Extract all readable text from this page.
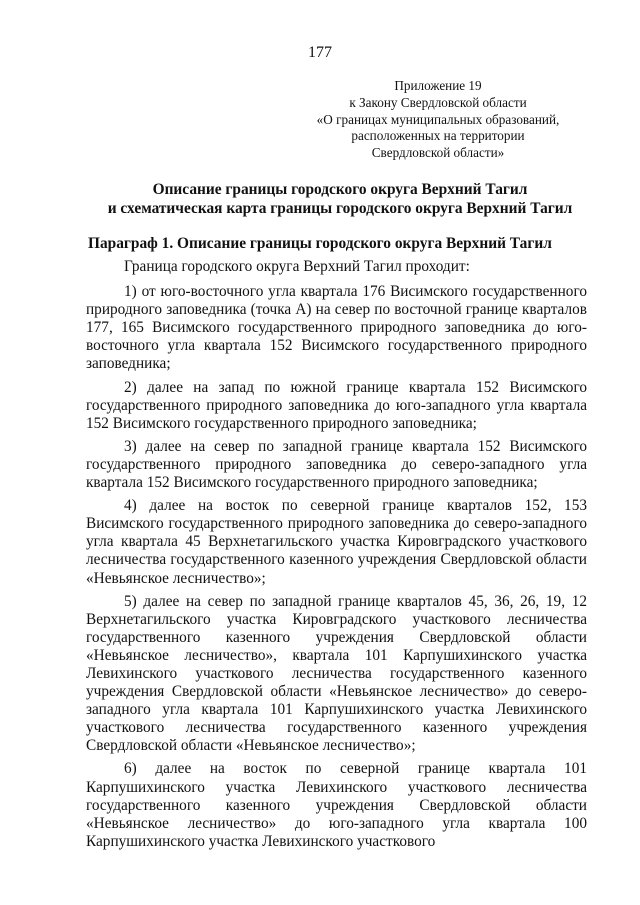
177
Приложение 19
к Закону Свердловской области
«О границах муниципальных образований,
расположенных на территории
Свердловской области»
Описание границы городского округа Верхний Тагил
и схематическая карта границы городского округа Верхний Тагил
Параграф 1. Описание границы городского округа Верхний Тагил

Граница городского округа Верхний Тагил проходит:

1) от юго-восточного угла квартала 176 Висимского государственного природного заповедника (точка А) на север по восточной границе кварталов 177, 165 Висимского государственного природного заповедника до юго-восточного угла квартала 152 Висимского государственного природного заповедника;

2) далее на запад по южной границе квартала 152 Висимского государственного природного заповедника до юго-западного угла квартала 152 Висимского государственного природного заповедника;

3) далее на север по западной границе квартала 152 Висимского государственного природного заповедника до северо-западного угла квартала 152 Висимского государственного природного заповедника;

4) далее на восток по северной границе кварталов 152, 153 Висимского государственного природного заповедника до северо-западного угла квартала 45 Верхнетагильского участка Кировградского участкового лесничества государственного казенного учреждения Свердловской области «Невьянское лесничество»;

5) далее на север по западной границе кварталов 45, 36, 26, 19, 12 Верхнетагильского участка Кировградского участкового лесничества государственного казенного учреждения Свердловской области «Невьянское лесничество», квартала 101 Карпушихинского участка Левихинского участкового лесничества государственного казенного учреждения Свердловской области «Невьянское лесничество» до северо-западного угла квартала 101 Карпушихинского участка Левихинского участкового лесничества государственного казенного учреждения Свердловской области «Невьянское лесничество»;

6) далее на восток по северной границе квартала 101 Карпушихинского участка Левихинского участкового лесничества государственного казенного учреждения Свердловской области «Невьянское лесничество» до юго-западного угла квартала 100 Карпушихинского участка Левихинского участкового
